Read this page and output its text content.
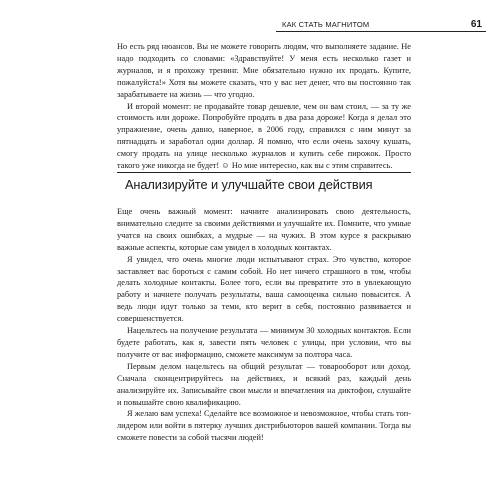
КАК СТАТЬ МАГНИТОМ	61

Но есть ряд нюансов. Вы не можете говорить людям, что выполняете задание. Не надо подходить со словами: «Здравствуйте! У меня есть несколько газет и журналов, и я прохожу тренинг. Мне обязательно нужно их продать. Купите, пожалуйста!» Хотя вы можете сказать, что у вас нет денег, что вы постоянно так зарабатываете на жизнь — что угодно.

И второй момент: не продавайте товар дешевле, чем он вам стоил, — за ту же стоимость или дороже. Попробуйте продать в два раза дороже! Когда я делал это упражнение, очень давно, наверное, в 2006 году, справился с ним минут за пятнадцать и заработал один доллар. Я помню, что если очень захочу кушать, смогу продать на улице несколько журналов и купить себе пирожок. Просто такого уже никогда не будет! ☺ Но мне интересно, как вы с этим справитесь.

Анализируйте и улучшайте свои действия

Еще очень важный момент: начните анализировать свою деятельность, внимательно следите за своими действиями и улучшайте их. Помните, что умные учатся на своих ошибках, а мудрые — на чужих. В этом курсе я раскрываю важные аспекты, которые сам увидел в холодных контактах.

Я увидел, что очень многие люди испытывают страх. Это чувство, которое заставляет вас бороться с самим собой. Но нет ничего страшного в том, чтобы делать холодные контакты. Более того, если вы превратите это в увлекающую работу и начнете получать результаты, ваша самооценка сильно повысится. А ведь люди идут только за теми, кто верит в себя, постоянно развивается и совершенствуется.

Нацельтесь на получение результата — минимум 30 холодных контактов. Если будете работать, как я, завести пять человек с улицы, при условии, что вы получите от вас информацию, сможете максимум за полтора часа.

Первым делом нацельтесь на общий результат — товарооборот или доход. Сначала сконцентрируйтесь на действиях, и всякий раз, каждый день анализируйте их. Записывайте свои мысли и впечатления на диктофон, слушайте и повышайте свою квалификацию.

Я желаю вам успеха! Сделайте все возможное и невозможное, чтобы стать топ-лидером или войти в пятерку лучших дистрибьюторов вашей компании. Тогда вы сможете повести за собой тысячи людей!
